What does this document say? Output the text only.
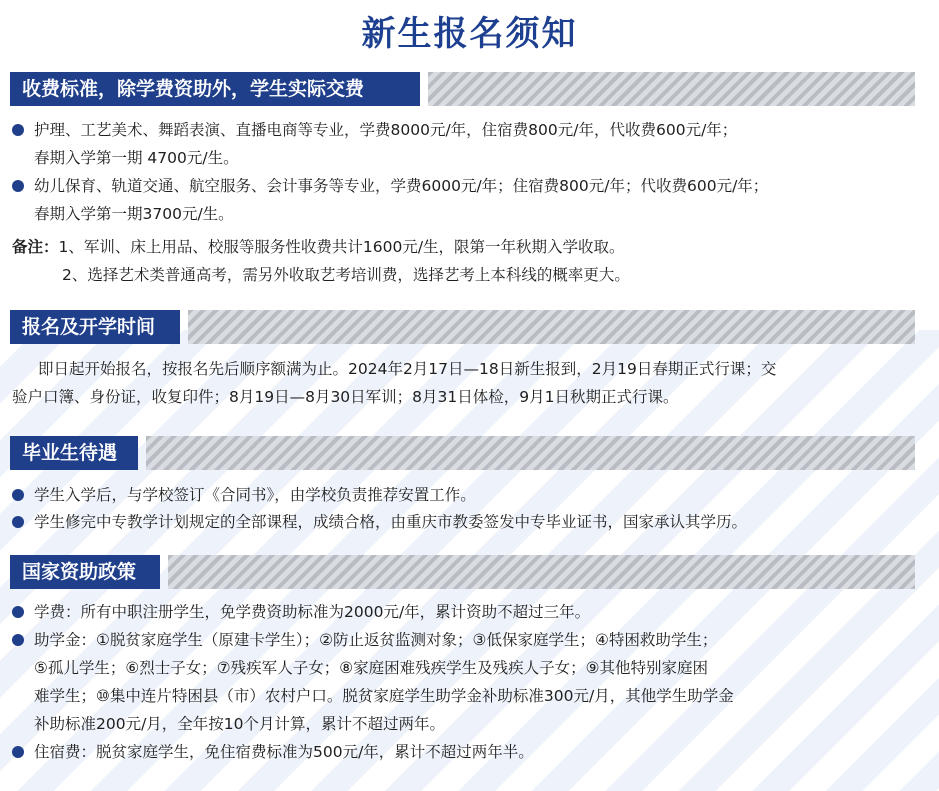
新生报名须知
收费标准，除学费资助外，学生实际交费
护理、工艺美术、舞蹈表演、直播电商等专业，学费8000元/年，住宿费800元/年，代收费600元/年；
春期入学第一期 4700元/生。
幼儿保育、轨道交通、航空服务、会计事务等专业，学费6000元/年；住宿费800元/年；代收费600元/年；
春期入学第一期3700元/生。
备注：1、军训、床上用品、校服等服务性收费共计1600元/生，限第一年秋期入学收取。
2、选择艺术类普通高考，需另外收取艺考培训费，选择艺考上本科线的概率更大。
报名及开学时间
即日起开始报名，按报名先后顺序额满为止。2024年2月17日—18日新生报到，2月19日春期正式行课；交
验户口簿、身份证，收复印件；8月19日—8月30日军训；8月31日体检，9月1日秋期正式行课。
毕业生待遇
学生入学后，与学校签订《合同书》，由学校负责推荐安置工作。
学生修完中专教学计划规定的全部课程，成绩合格，由重庆市教委签发中专毕业证书，国家承认其学历。
国家资助政策
学费：所有中职注册学生，免学费资助标准为2000元/年，累计资助不超过三年。
助学金：①脱贫家庭学生（原建卡学生）；②防止返贫监测对象；③低保家庭学生；④特困救助学生；
⑤孤儿学生；⑥烈士子女；⑦残疾军人子女；⑧家庭困难残疾学生及残疾人子女；⑨其他特别家庭困
难学生；⑩集中连片特困县（市）农村户口。脱贫家庭学生助学金补助标准300元/月，其他学生助学金
补助标准200元/月，全年按10个月计算，累计不超过两年。
住宿费：脱贫家庭学生，免住宿费标准为500元/年，累计不超过两年半。
